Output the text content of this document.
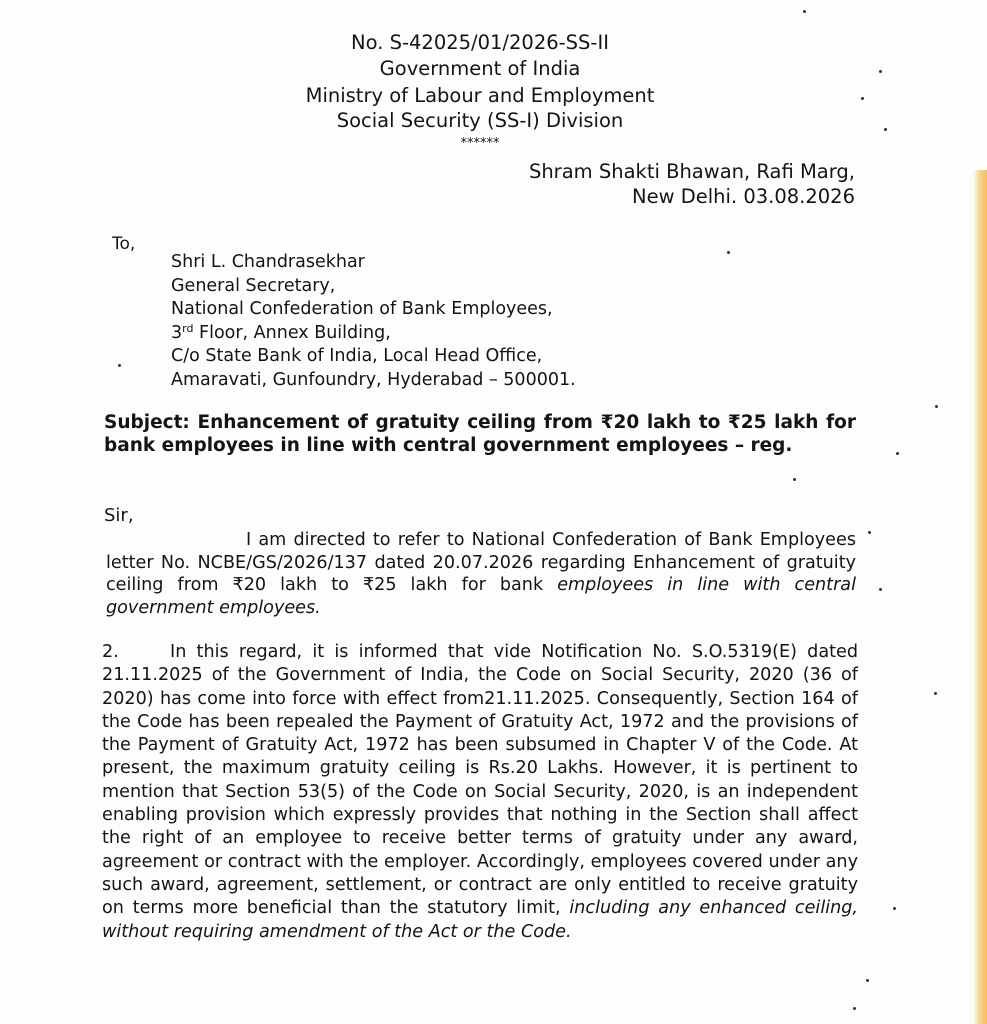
No. S-42025/01/2026-SS-II
Government of India
Ministry of Labour and Employment
Social Security (SS-I) Division
******
Shram Shakti Bhawan, Rafi Marg,
New Delhi. 03.08.2026
To,
Shri L. Chandrasekhar
General Secretary,
National Confederation of Bank Employees,
3rd Floor, Annex Building,
C/o State Bank of India, Local Head Office,
Amaravati, Gunfoundry, Hyderabad – 500001.
Subject: Enhancement of gratuity ceiling from ₹20 lakh to ₹25 lakh for bank employees in line with central government employees – reg.
Sir,
I am directed to refer to National Confederation of Bank Employees letter No. NCBE/GS/2026/137 dated 20.07.2026 regarding Enhancement of gratuity ceiling from ₹20 lakh to ₹25 lakh for bank employees in line with central government employees.
2.	In this regard, it is informed that vide Notification No. S.O.5319(E) dated 21.11.2025 of the Government of India, the Code on Social Security, 2020 (36 of 2020) has come into force with effect from21.11.2025. Consequently, Section 164 of the Code has been repealed the Payment of Gratuity Act, 1972 and the provisions of the Payment of Gratuity Act, 1972 has been subsumed in Chapter V of the Code. At present, the maximum gratuity ceiling is Rs.20 Lakhs. However, it is pertinent to mention that Section 53(5) of the Code on Social Security, 2020, is an independent enabling provision which expressly provides that nothing in the Section shall affect the right of an employee to receive better terms of gratuity under any award, agreement or contract with the employer. Accordingly, employees covered under any such award, agreement, settlement, or contract are only entitled to receive gratuity on terms more beneficial than the statutory limit, including any enhanced ceiling, without requiring amendment of the Act or the Code.
